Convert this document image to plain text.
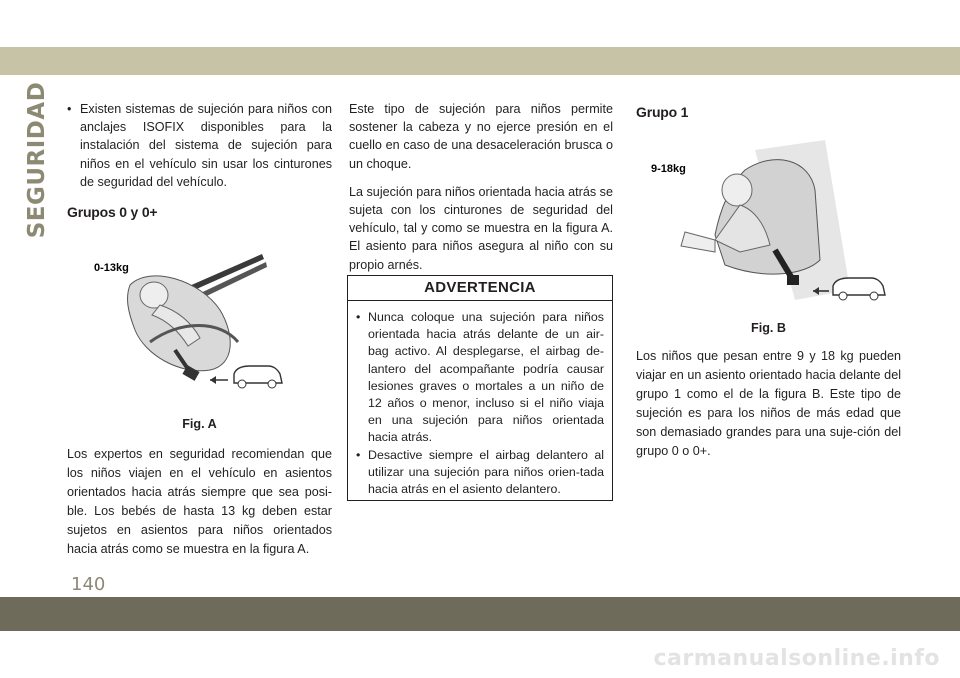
SEGURIDAD

•	Existen sistemas de sujeción para niños con anclajes ISOFIX disponibles para la instalación del sistema de sujeción para niños en el vehículo sin usar los cinturones de seguridad del vehículo.

Grupos 0 y 0+
0-13kg
Fig. A

Los expertos en seguridad recomiendan que los niños viajen en el vehículo en asientos orientados hacia atrás siempre que sea posi-ble. Los bebés de hasta 13 kg deben estar sujetos en asientos para niños orientados hacia atrás como se muestra en la figura A.

Este tipo de sujeción para niños permite sostener la cabeza y no ejerce presión en el cuello en caso de una desaceleración brusca o un choque.

La sujeción para niños orientada hacia atrás se sujeta con los cinturones de seguridad del vehículo, tal y como se muestra en la figura A. El asiento para niños asegura al niño con su propio arnés.

ADVERTENCIA

• Nunca coloque una sujeción para niños orientada hacia atrás delante de un air-bag activo. Al desplegarse, el airbag de-lantero del acompañante podría causar lesiones graves o mortales a un niño de 12 años o menor, incluso si el niño viaja en una sujeción para niños orientada hacia atrás.

• Desactive siempre el airbag delantero al utilizar una sujeción para niños orien-tada hacia atrás en el asiento delantero.

Grupo 1
9-18kg
Fig. B

Los niños que pesan entre 9 y 18 kg pueden viajar en un asiento orientado hacia delante del grupo 1 como el de la figura B. Este tipo de sujeción es para los niños de más edad que son demasiado grandes para una suje-ción del grupo 0 o 0+.

140
carmanualsonline.info
